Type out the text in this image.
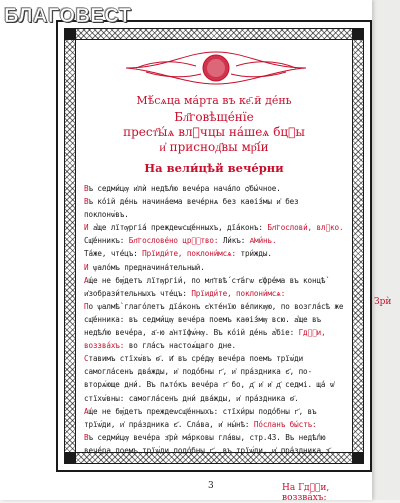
БЛАГОВЕСТ
Мѣ́сѧца ма́рта въ ке҃.й де́нь
Бл҃говѣще́нїе
прест҃ы́ѧ влⷣчцы на́шеѧ бцⷣы
и҆ приснод҃вы мр҃і́и
На вели́цѣй вече́рни

Въ седми́цѹ и҆лѝ недѣ́лю вече́ра нача́ло ѻ҆бы́чное.

Въ ко́ій де́нь начина́ема вече́рнѧ без каѳі́змы и҆ без поклонѡ́въ.

И а҆́ще лїтѹргі́а преждеѡсщ҃е́нныхъ, дїа́конъ: Бл҃гослови́, влⷣко. Сщ҃е́нникъ: Бл҃гослове́но црⷭ҇тво: Ли́къ: А҆ми́нь.

Та́же, чте́цъ: Прїиди́те, поклони́мсѧ: три́жды.

И ѱало́мъ предначина́тельный.

А́ще не бѹ́детъ лїтѹргі́и, по мл҃твѣ́ ст҃а́гѡ є҆фре́ма въ концѣ̀ и҆зобрази́тельныхъ чте́цъ: Прїиди́те, поклони́мсѧ:

По ѱалмѣ̀ глаго́летъ дїа́конъ є҆кте́нїю ве́ликѹю, по возгла́сѣ же сщ҃е́нника: въ седми́цѹ вече́ра поемъ каѳі́змѹ всю. а҆́ще въ недѣ́лю вече́ра, а҃-ю а҆нтїфѡ́нѹ. Въ ко́ій де́нь а҆́біе: Гдⷭ҇и, воззва́хъ: во гла́съ настоѧ́щаго дне.

Ставимъ стїхѡ́въ ѳ҃. И҆ въ сре́дѹ вече́ра поемъ трїѡ́ди самогла́сенъ два́жды, и҆ подо́бны г҃, и҆ пра́здника є҃, по-вторѧ́юще дни́. Въ пѧто́къ вече́ра г҃ бо, д҃ и҆ и҆ д҃ седмі. ща́ ѡ҆ стїхѡ́вны: самогла́сенъ дни́ два́жды, и҆ пра́здника ѳ҃.

А́ще не бѹ́детъ преждеѡсщ҃е́нныхъ: стїхи́ры подо́бны г҃, въ трїѡ́ди, и҆ пра́здника є҃. Сла́ва, и҆ ны́нѣ: По́сланъ бы́стъ:

Въ седми́цѹ вече́ра з҃рѝ ма́рковы гла́вы, стр.43. Въ недѣ́лю вече́ра поемъ трїѡ́ди подо́бны г҃, въ трїѡ́ди, и҆ пра́здника з҃.

3	На Гдⷭ҇и, воззва́хъ:
Зрѝ
